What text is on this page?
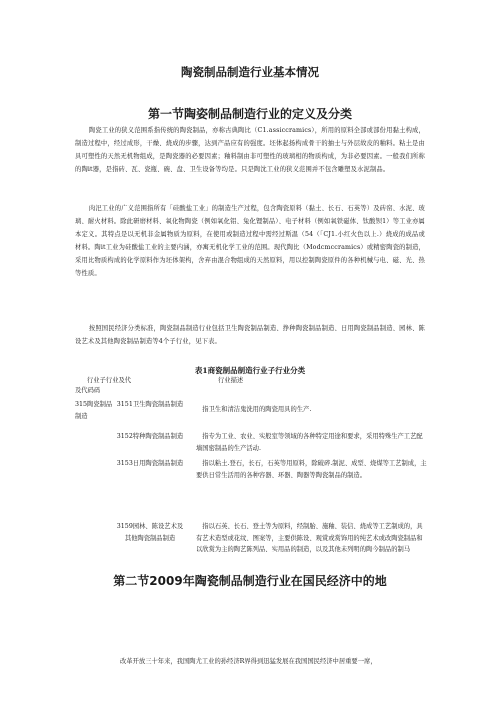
陶瓷制品制造行业基本情况
第一节陶姿制品制造行业的定义及分类

陶瓷工业的狭义范围系指传统的陶瓷制品，亦称古典陶比（C1.assiccramics），所用的原料全部或部份用黏土构成，制造过程中，经过成形，干燥、烧成的步骤，达到产品应有的强度。坯体起扬构成骨干的抽士与外层故皮的釉料。粘土是由具可塑性的天然无机物组成，是陶瓷器的必要因素；釉料制由非可塑性的玻璃相的物质构成，为非必要因素。一般我们所称的陶it器，是指砖、瓦、瓷瓶、碗、盘、卫生设备等均是。只是陶沈工业的狭义范围并不包含雕塑及水泥制品。

肉汜工业的广义范围指所有「硅酸盐工业」的制造生产过程，包含陶瓷原料（黏土、长石、石英等）及砖窑、水泥、玻璃、耐火材料。除此研磨材料、氧化物陶瓷（例如氧化铝、兔化锂制品）、电子材料（例如氧铁磁体、钛酸钡1）等工业亦属本定义。其特点是以无机非金属物质为原料，在使用或制造过程中需经过斯温（54（「CJ1.小红火色以上.）烧成的成品或材料。陶it工业为硅酸盐工业的主要内涵，亦寓无机化学工业的范围。现代陶比（Modcmccramics）或精密陶瓷的制造，采用比物质构成的化学原料作为坯体架构，舍弃由混合物组成的天然原料，用以控制陶瓷原件的各种机械与电、磁、光、热等性质。

按照国民经济分类标准，陶瓷制品制造行业包括卫生陶瓷制品制造、挣种陶瓷制品制造、日用陶瓷制品制造、园林、陈设艺术及其他陶瓷制品制造等4个子行业，见下表。

表1商瓷制品制造行业子行业分类
行业子行业及代
及代码码
行业描述

315陶瓷制品制造

3151卫生陶瓷制品制造

指卫生和清洁鬼洗用的陶瓷用具的生产.

3152特种陶瓷制品制造	指专为工业、农业、实般室等领域的各种特定用途和要求，采用特殊生产工艺配墙国密制品的生产活动.

3153日用陶瓷制品制造	指以粘土.登石，长石，石英等用原料，除破碎.制泥、成型、烧煤等工艺制成，主要供日常生活用的各种容器、环器、陶器等陶瓷制品的制造。

3159园林、陈设艺术及其他陶瓷制品制造

指以石英、长石、登土等为原料，经制胎、施釉、装信、烧成等工艺制成的，具有艺术造型或花纹、图案等，主要供陈设、观赏或赏饰用的纯艺术或改陶瓷制品和以欣赏为主的陶艺陈列品、实用品的制造，以及其他未列明的陶今制品的制马

第二节2009年陶瓷制品制造行业在国民经济中的地

改革开放三十年来，我国陶尤工业的孙经济R界得到迅猛发展在我国国民经济中居重要一席，
